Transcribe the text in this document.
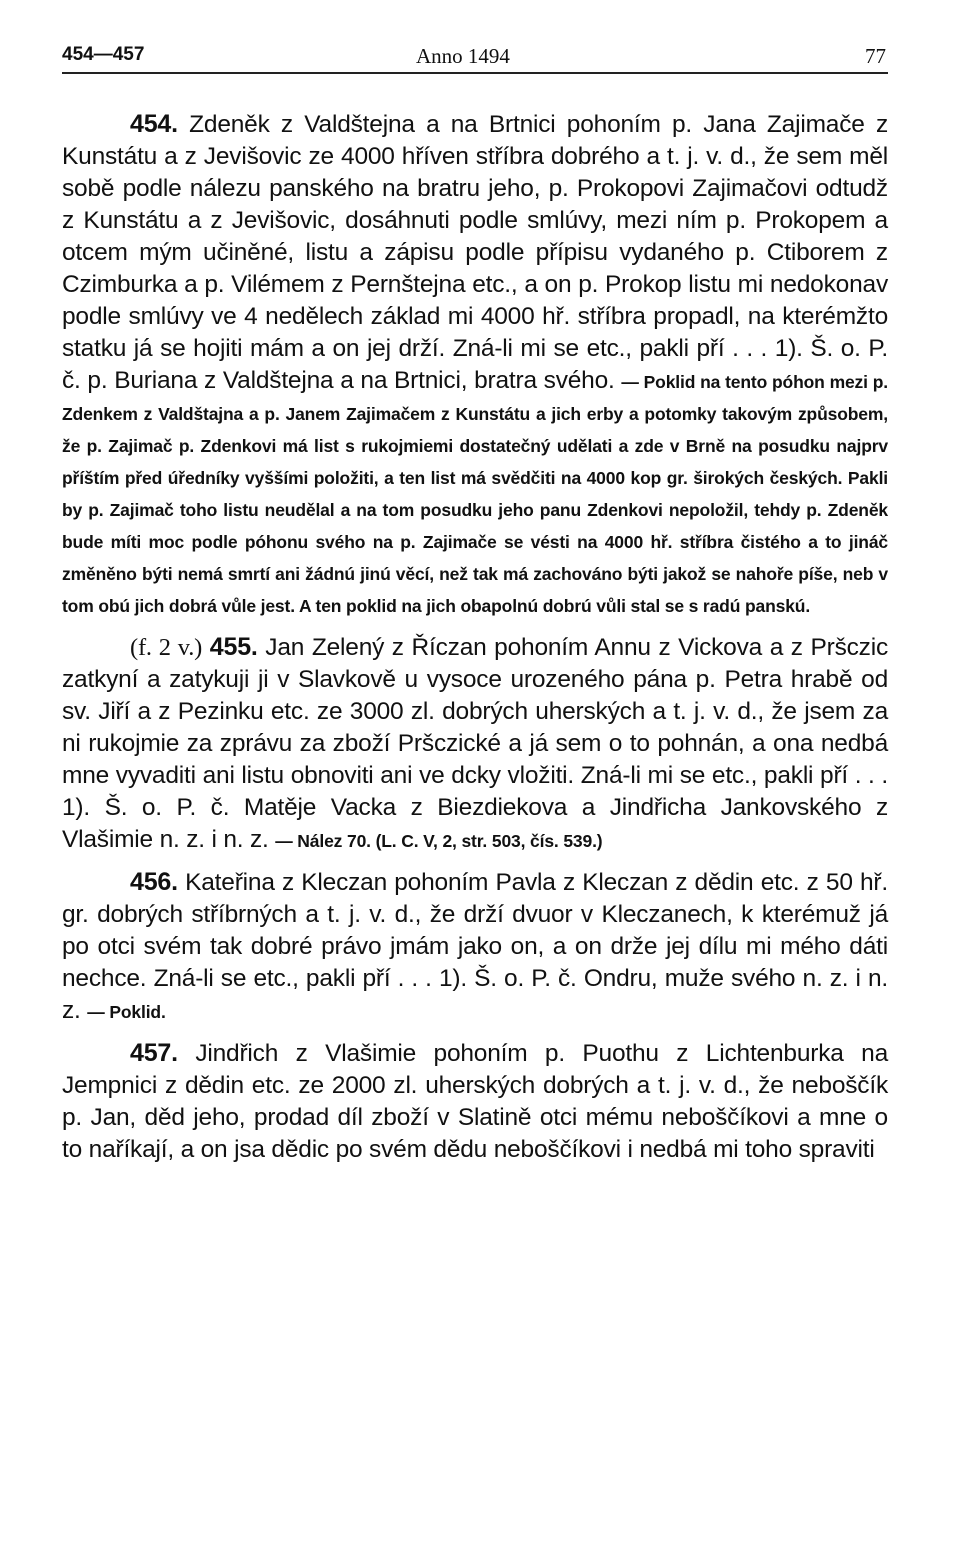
454—457	Anno 1494	77

454. Zdeněk z Valdštejna a na Brtnici pohoním p. Jana Zajimače z Kunstátu a z Jevišovic ze 4000 hříven stříbra dobrého a t. j. v. d., že sem měl sobě podle nálezu panského na bratru jeho, p. Prokopovi Zajimačovi odtudž z Kunstátu a z Jevišovic, dosáhnuti podle smlúvy, mezi ním p. Prokopem a otcem mým učiněné, listu a zápisu podle přípisu vydaného p. Ctiborem z Czimburka a p. Vilémem z Pernštejna etc., a on p. Prokop listu mi nedokonav podle smlúvy ve 4 nedělech základ mi 4000 hř. stříbra propadl, na kterémžto statku já se hojiti mám a on jej drží. Zná-li mi se etc., pakli pří . . . 1). Š. o. P. č. p. Buriana z Valdštejna a na Brtnici, bratra svého. — Poklid na tento póhon mezi p. Zdenkem z Valdštajna a p. Janem Zajimačem z Kunstátu a jich erby a potomky takovým způsobem, že p. Zajimač p. Zdenkovi má list s rukojmiemi dostatečný udělati a zde v Brně na posudku najprv příštím před úředníky vyššími položiti, a ten list má svědčiti na 4000 kop gr. širokých českých. Pakli by p. Zajimač toho listu neudělal a na tom posudku jeho panu Zdenkovi nepoložil, tehdy p. Zdeněk bude míti moc podle póhonu svého na p. Zajimače se vésti na 4000 hř. stříbra čistého a to jináč změněno býti nemá smrtí ani žádnú jinú věcí, než tak má zachováno býti jakož se nahoře píše, neb v tom obú jich dobrá vůle jest. A ten poklid na jich obapolnú dobrú vůli stal se s radú panskú.

(f. 2 v.) 455. Jan Zelený z Říczan pohoním Annu z Vickova a z Pršczic zatkyní a zatykuji ji v Slavkově u vysoce urozeného pána p. Petra hrabě od sv. Jiří a z Pezinku etc. ze 3000 zl. dobrých uherských a t. j. v. d., že jsem za ni rukojmie za zprávu za zboží Pršczické a já sem o to pohnán, a ona nedbá mne vyvaditi ani listu obnoviti ani ve dcky vložiti. Zná-li mi se etc., pakli pří . . . 1). Š. o. P. č. Matěje Vacka z Biezdiekova a Jindřicha Jankovského z Vlašimie n. z. i n. z. — Nález 70. (L. C. V, 2, str. 503, čís. 539.)

456. Kateřina z Kleczan pohoním Pavla z Kleczan z dědin etc. z 50 hř. gr. dobrých stříbrných a t. j. v. d., že drží dvuor v Kleczanech, k kterémuž já po otci svém tak dobré právo jmám jako on, a on drže jej dílu mi mého dáti nechce. Zná-li se etc., pakli pří . . . 1). Š. o. P. č. Ondru, muže svého n. z. i n. z. — Poklid.

457. Jindřich z Vlašimie pohoním p. Puothu z Lichtenburka na Jempnici z dědin etc. ze 2000 zl. uherských dobrých a t. j. v. d., že neboščík p. Jan, děd jeho, prodad díl zboží v Slatině otci mému neboščíkovi a mne o to naříkají, a on jsa dědic po svém dědu neboščíkovi i nedbá mi toho spraviti
